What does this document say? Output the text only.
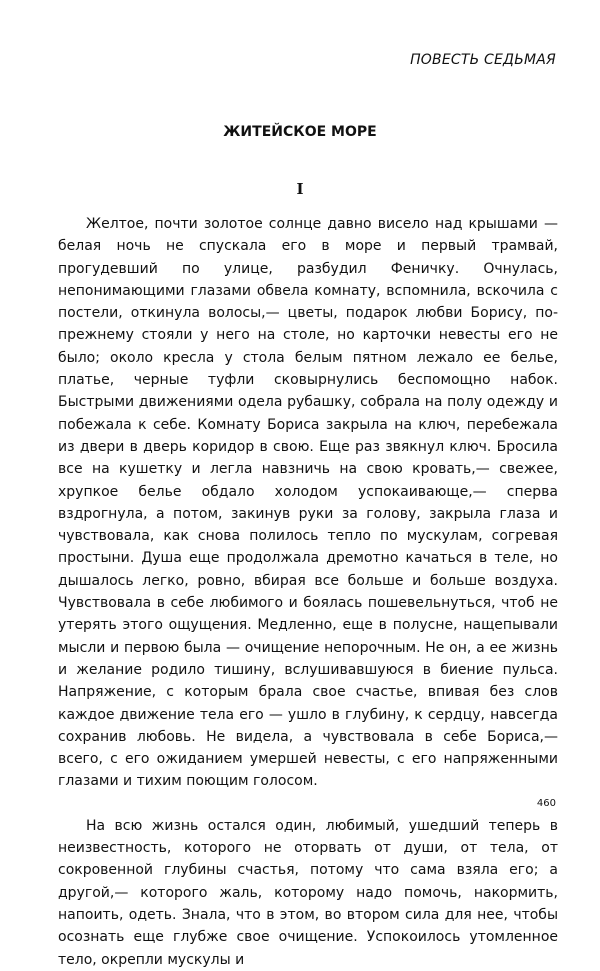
ПОВЕСТЬ СЕДЬМАЯ
ЖИТЕЙСКОЕ МОРЕ
I

Желтое, почти золотое солнце давно висело над крышами — белая ночь не спускала его в море и первый трамвай, прогудевший по улице, разбудил Феничку. Очнулась, непонимающими глазами обвела комнату, вспомнила, вскочила с постели, откинула волосы,— цветы, подарок любви Борису, по-прежнему стояли у него на столе, но карточки невесты его не было; около кресла у стола белым пятном лежало ее белье, платье, черные туфли сковырнулись беспомощно набок. Быстрыми движениями одела рубашку, собрала на полу одежду и побежала к себе. Комнату Бориса закрыла на ключ, перебежала из двери в дверь коридор в свою. Еще раз звякнул ключ. Бросила все на кушетку и легла навзничь на свою кровать,— свежее, хрупкое белье обдало холодом успокаивающе,— сперва вздрогнула, а потом, закинув руки за голову, закрыла глаза и чувствовала, как снова полилось тепло по мускулам, согревая простыни. Душа еще продолжала дремотно качаться в теле, но дышалось легко, ровно, вбирая все больше и больше воздуха. Чувствовала в себе любимого и боялась пошевельнуться, чтоб не утерять этого ощущения. Медленно, еще в полусне, нащепывали мысли и первою была — очищение непорочным. Не он, а ее жизнь и желание родило тишину, вслушивавшуюся в биение пульса. Напряжение, с которым брала свое счастье, впивая без слов каждое движение тела его — ушло в глубину, к сердцу, навсегда сохранив любовь. Не видела, а чувствовала в себе Бориса,— всего, с его ожиданием умершей невесты, с его напряженными глазами и тихим поющим голосом.

На всю жизнь остался один, любимый, ушедший теперь в неизвестность, которого не оторвать от души, от тела, от сокровенной глубины счастья, потому что сама взяла его; а другой,— которого жаль, которому надо помочь, накормить, напоить, одеть. Знала, что в этом, во втором сила для нее, чтобы осознать еще глубже свое очищение. Успокоилось утомленное тело, окрепли мускулы и

460
